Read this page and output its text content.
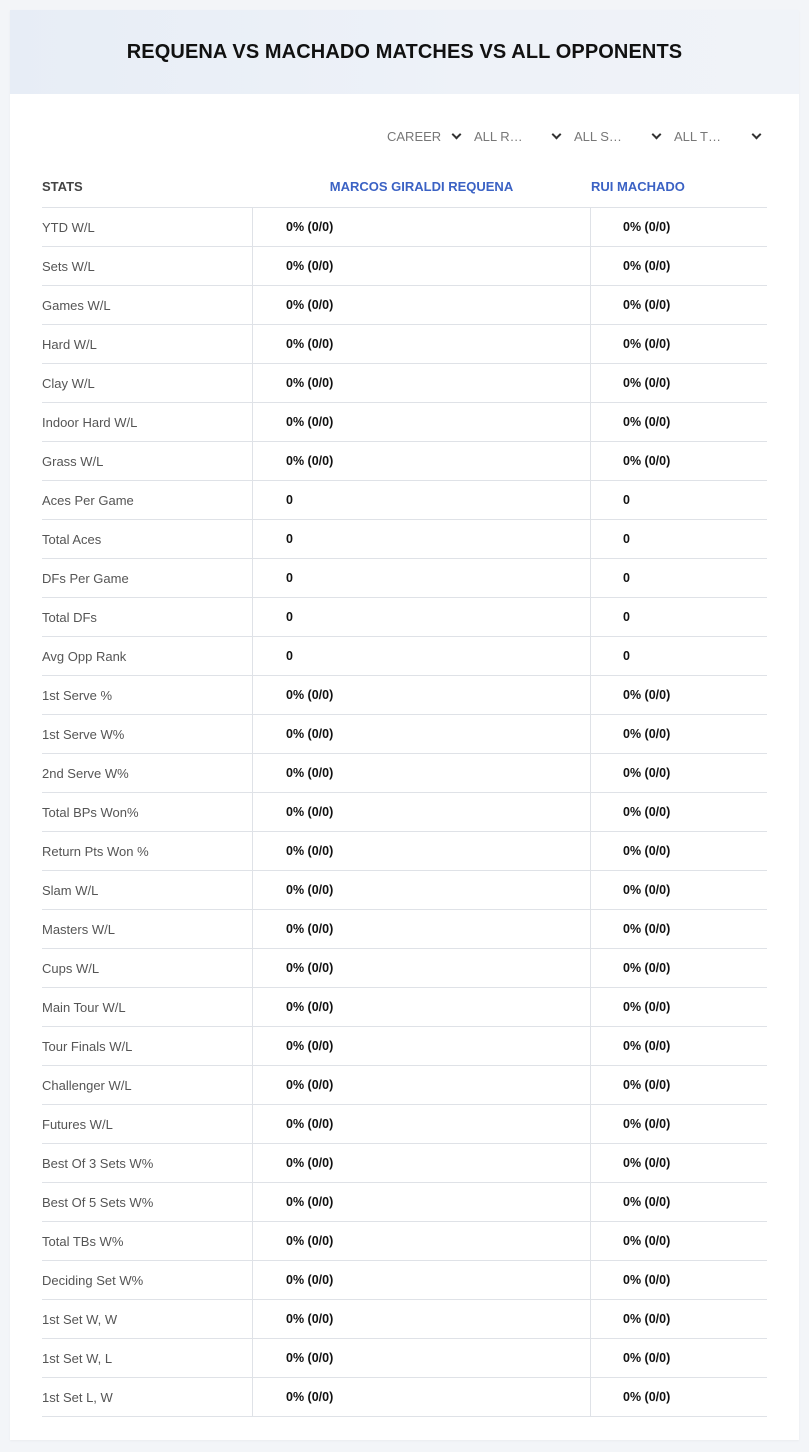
REQUENA VS MACHADO MATCHES VS ALL OPPONENTS
CAREER	ALL R…	ALL S…	ALL T…
STATS	MARCOS GIRALDI REQUENA	RUI MACHADO
YTD W/L	0% (0/0)	0% (0/0)
Sets W/L	0% (0/0)	0% (0/0)
Games W/L	0% (0/0)	0% (0/0)
Hard W/L	0% (0/0)	0% (0/0)
Clay W/L	0% (0/0)	0% (0/0)
Indoor Hard W/L	0% (0/0)	0% (0/0)
Grass W/L	0% (0/0)	0% (0/0)
Aces Per Game	0	0
Total Aces	0	0
DFs Per Game	0	0
Total DFs	0	0
Avg Opp Rank	0	0
1st Serve %	0% (0/0)	0% (0/0)
1st Serve W%	0% (0/0)	0% (0/0)
2nd Serve W%	0% (0/0)	0% (0/0)
Total BPs Won%	0% (0/0)	0% (0/0)
Return Pts Won %	0% (0/0)	0% (0/0)
Slam W/L	0% (0/0)	0% (0/0)
Masters W/L	0% (0/0)	0% (0/0)
Cups W/L	0% (0/0)	0% (0/0)
Main Tour W/L	0% (0/0)	0% (0/0)
Tour Finals W/L	0% (0/0)	0% (0/0)
Challenger W/L	0% (0/0)	0% (0/0)
Futures W/L	0% (0/0)	0% (0/0)
Best Of 3 Sets W%	0% (0/0)	0% (0/0)
Best Of 5 Sets W%	0% (0/0)	0% (0/0)
Total TBs W%	0% (0/0)	0% (0/0)
Deciding Set W%	0% (0/0)	0% (0/0)
1st Set W, W	0% (0/0)	0% (0/0)
1st Set W, L	0% (0/0)	0% (0/0)
1st Set L, W	0% (0/0)	0% (0/0)
